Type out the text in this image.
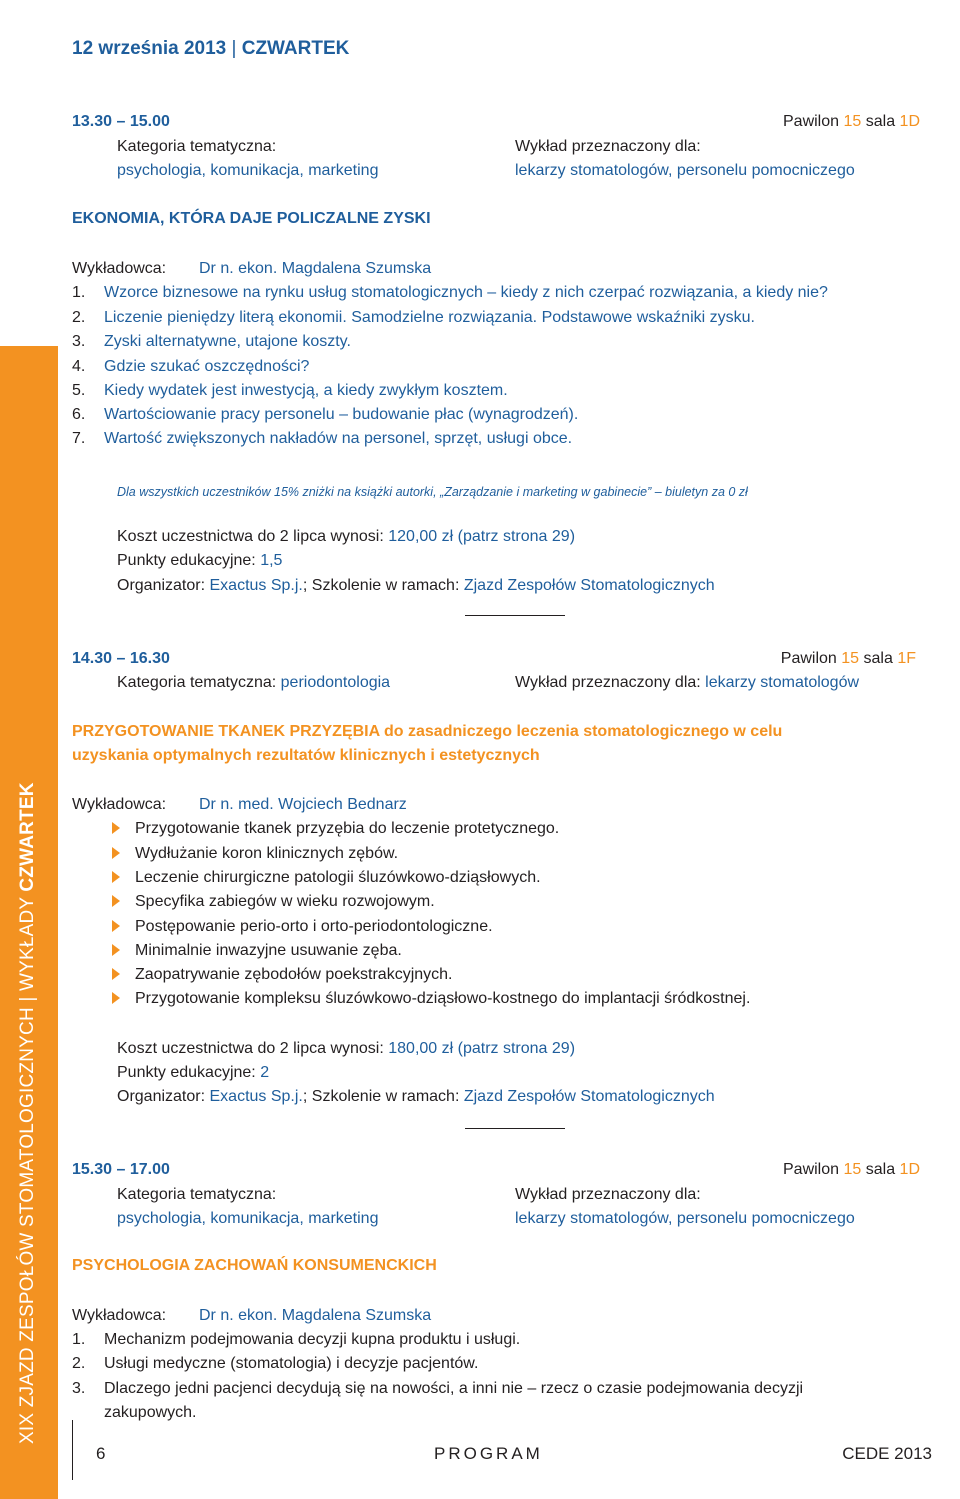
XIX ZJAZD ZESPOŁÓW STOMATOLOGICZNYCH | WYKŁADY CZWARTEK
12 września 2013 | CZWARTEK
13.30 – 15.00	Pawilon 15 sala 1D
Kategoria tematyczna:	Wykład przeznaczony dla:
psychologia, komunikacja, marketing	lekarzy stomatologów, personelu pomocniczego
EKONOMIA, KTÓRA DAJE POLICZALNE ZYSKI
Wykładowca: Dr n. ekon. Magdalena Szumska
1. Wzorce biznesowe na rynku usług stomatologicznych – kiedy z nich czerpać rozwiązania, a kiedy nie?
2. Liczenie pieniędzy literą ekonomii. Samodzielne rozwiązania. Podstawowe wskaźniki zysku.
3. Zyski alternatywne, utajone koszty.
4. Gdzie szukać oszczędności?
5. Kiedy wydatek jest inwestycją, a kiedy zwykłym kosztem.
6. Wartościowanie pracy personelu – budowanie płac (wynagrodzeń).
7. Wartość zwiększonych nakładów na personel, sprzęt, usługi obce.
Dla wszystkich uczestników 15% zniżki na książki autorki, „Zarządzanie i marketing w gabinecie” – biuletyn za 0 zł
Koszt uczestnictwa do 2 lipca wynosi: 120,00 zł (patrz strona 29)
Punkty edukacyjne: 1,5
Organizator: Exactus Sp.j.; Szkolenie w ramach: Zjazd Zespołów Stomatologicznych
14.30 – 16.30	Pawilon 15 sala 1F
Kategoria tematyczna: periodontologia	Wykład przeznaczony dla: lekarzy stomatologów
PRZYGOTOWANIE TKANEK PRZYZĘBIA do zasadniczego leczenia stomatologicznego w celu
uzyskania optymalnych rezultatów klinicznych i estetycznych
Wykładowca: Dr n. med. Wojciech Bednarz
Przygotowanie tkanek przyzębia do leczenie protetycznego.
Wydłużanie koron klinicznych zębów.
Leczenie chirurgiczne patologii śluzówkowo-dziąsłowych.
Specyfika zabiegów w wieku rozwojowym.
Postępowanie perio-orto i orto-periodontologiczne.
Minimalnie inwazyjne usuwanie zęba.
Zaopatrywanie zębodołów poekstrakcyjnych.
Przygotowanie kompleksu śluzówkowo-dziąsłowo-kostnego do implantacji śródkostnej.
Koszt uczestnictwa do 2 lipca wynosi: 180,00 zł (patrz strona 29)
Punkty edukacyjne: 2
Organizator: Exactus Sp.j.; Szkolenie w ramach: Zjazd Zespołów Stomatologicznych
15.30 – 17.00	Pawilon 15 sala 1D
Kategoria tematyczna:	Wykład przeznaczony dla:
psychologia, komunikacja, marketing	lekarzy stomatologów, personelu pomocniczego
PSYCHOLOGIA ZACHOWAŃ KONSUMENCKICH
Wykładowca: Dr n. ekon. Magdalena Szumska
1. Mechanizm podejmowania decyzji kupna produktu i usługi.
2. Usługi medyczne (stomatologia) i decyzje pacjentów.
3. Dlaczego jedni pacjenci decydują się na nowości, a inni nie – rzecz o czasie podejmowania decyzji
zakupowych.
6	PROGRAM	CEDE 2013
